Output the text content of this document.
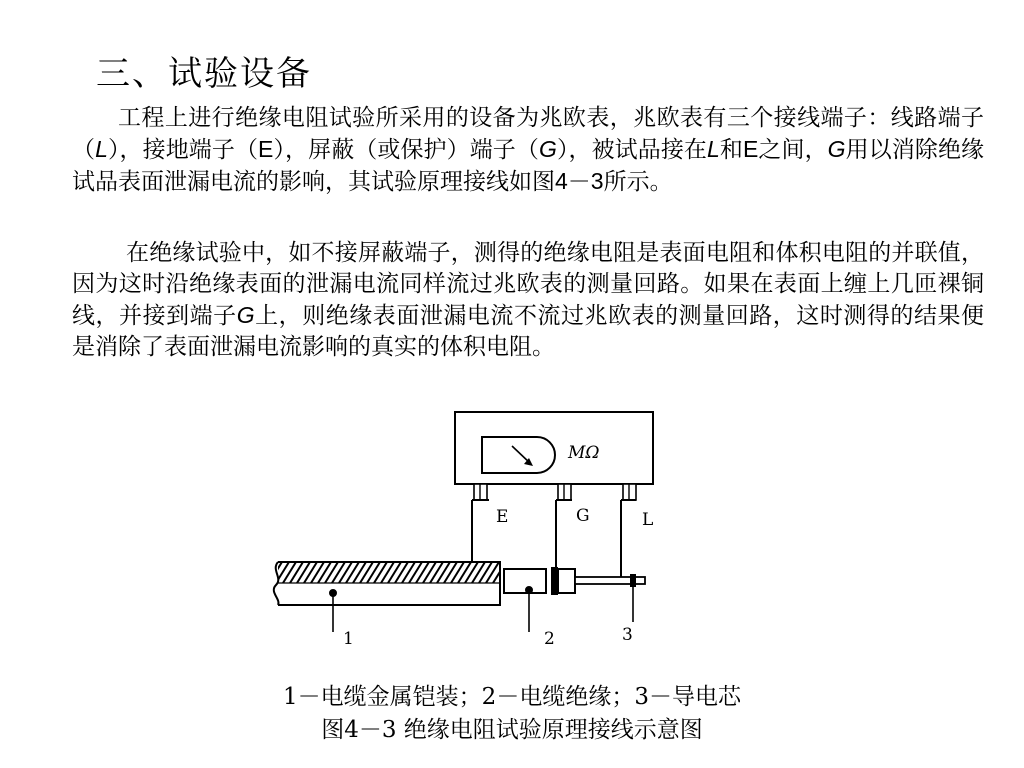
三、试验设备

工程上进行绝缘电阻试验所采用的设备为兆欧表，兆欧表有三个接线端子：线路端子（L），接地端子（E），屏蔽（或保护）端子（G），被试品接在L和E之间，G用以消除绝缘试品表面泄漏电流的影响，其试验原理接线如图4－3所示。

在绝缘试验中，如不接屏蔽端子，测得的绝缘电阻是表面电阻和体积电阻的并联值，因为这时沿绝缘表面的泄漏电流同样流过兆欧表的测量回路。如果在表面上缠上几匝裸铜线，并接到端子G上，则绝缘表面泄漏电流不流过兆欧表的测量回路，这时测得的结果便是消除了表面泄漏电流影响的真实的体积电阻。

MΩ
E	G	L
1	2	3
1－电缆金属铠装；2－电缆绝缘；3－导电芯
图4－3 绝缘电阻试验原理接线示意图
